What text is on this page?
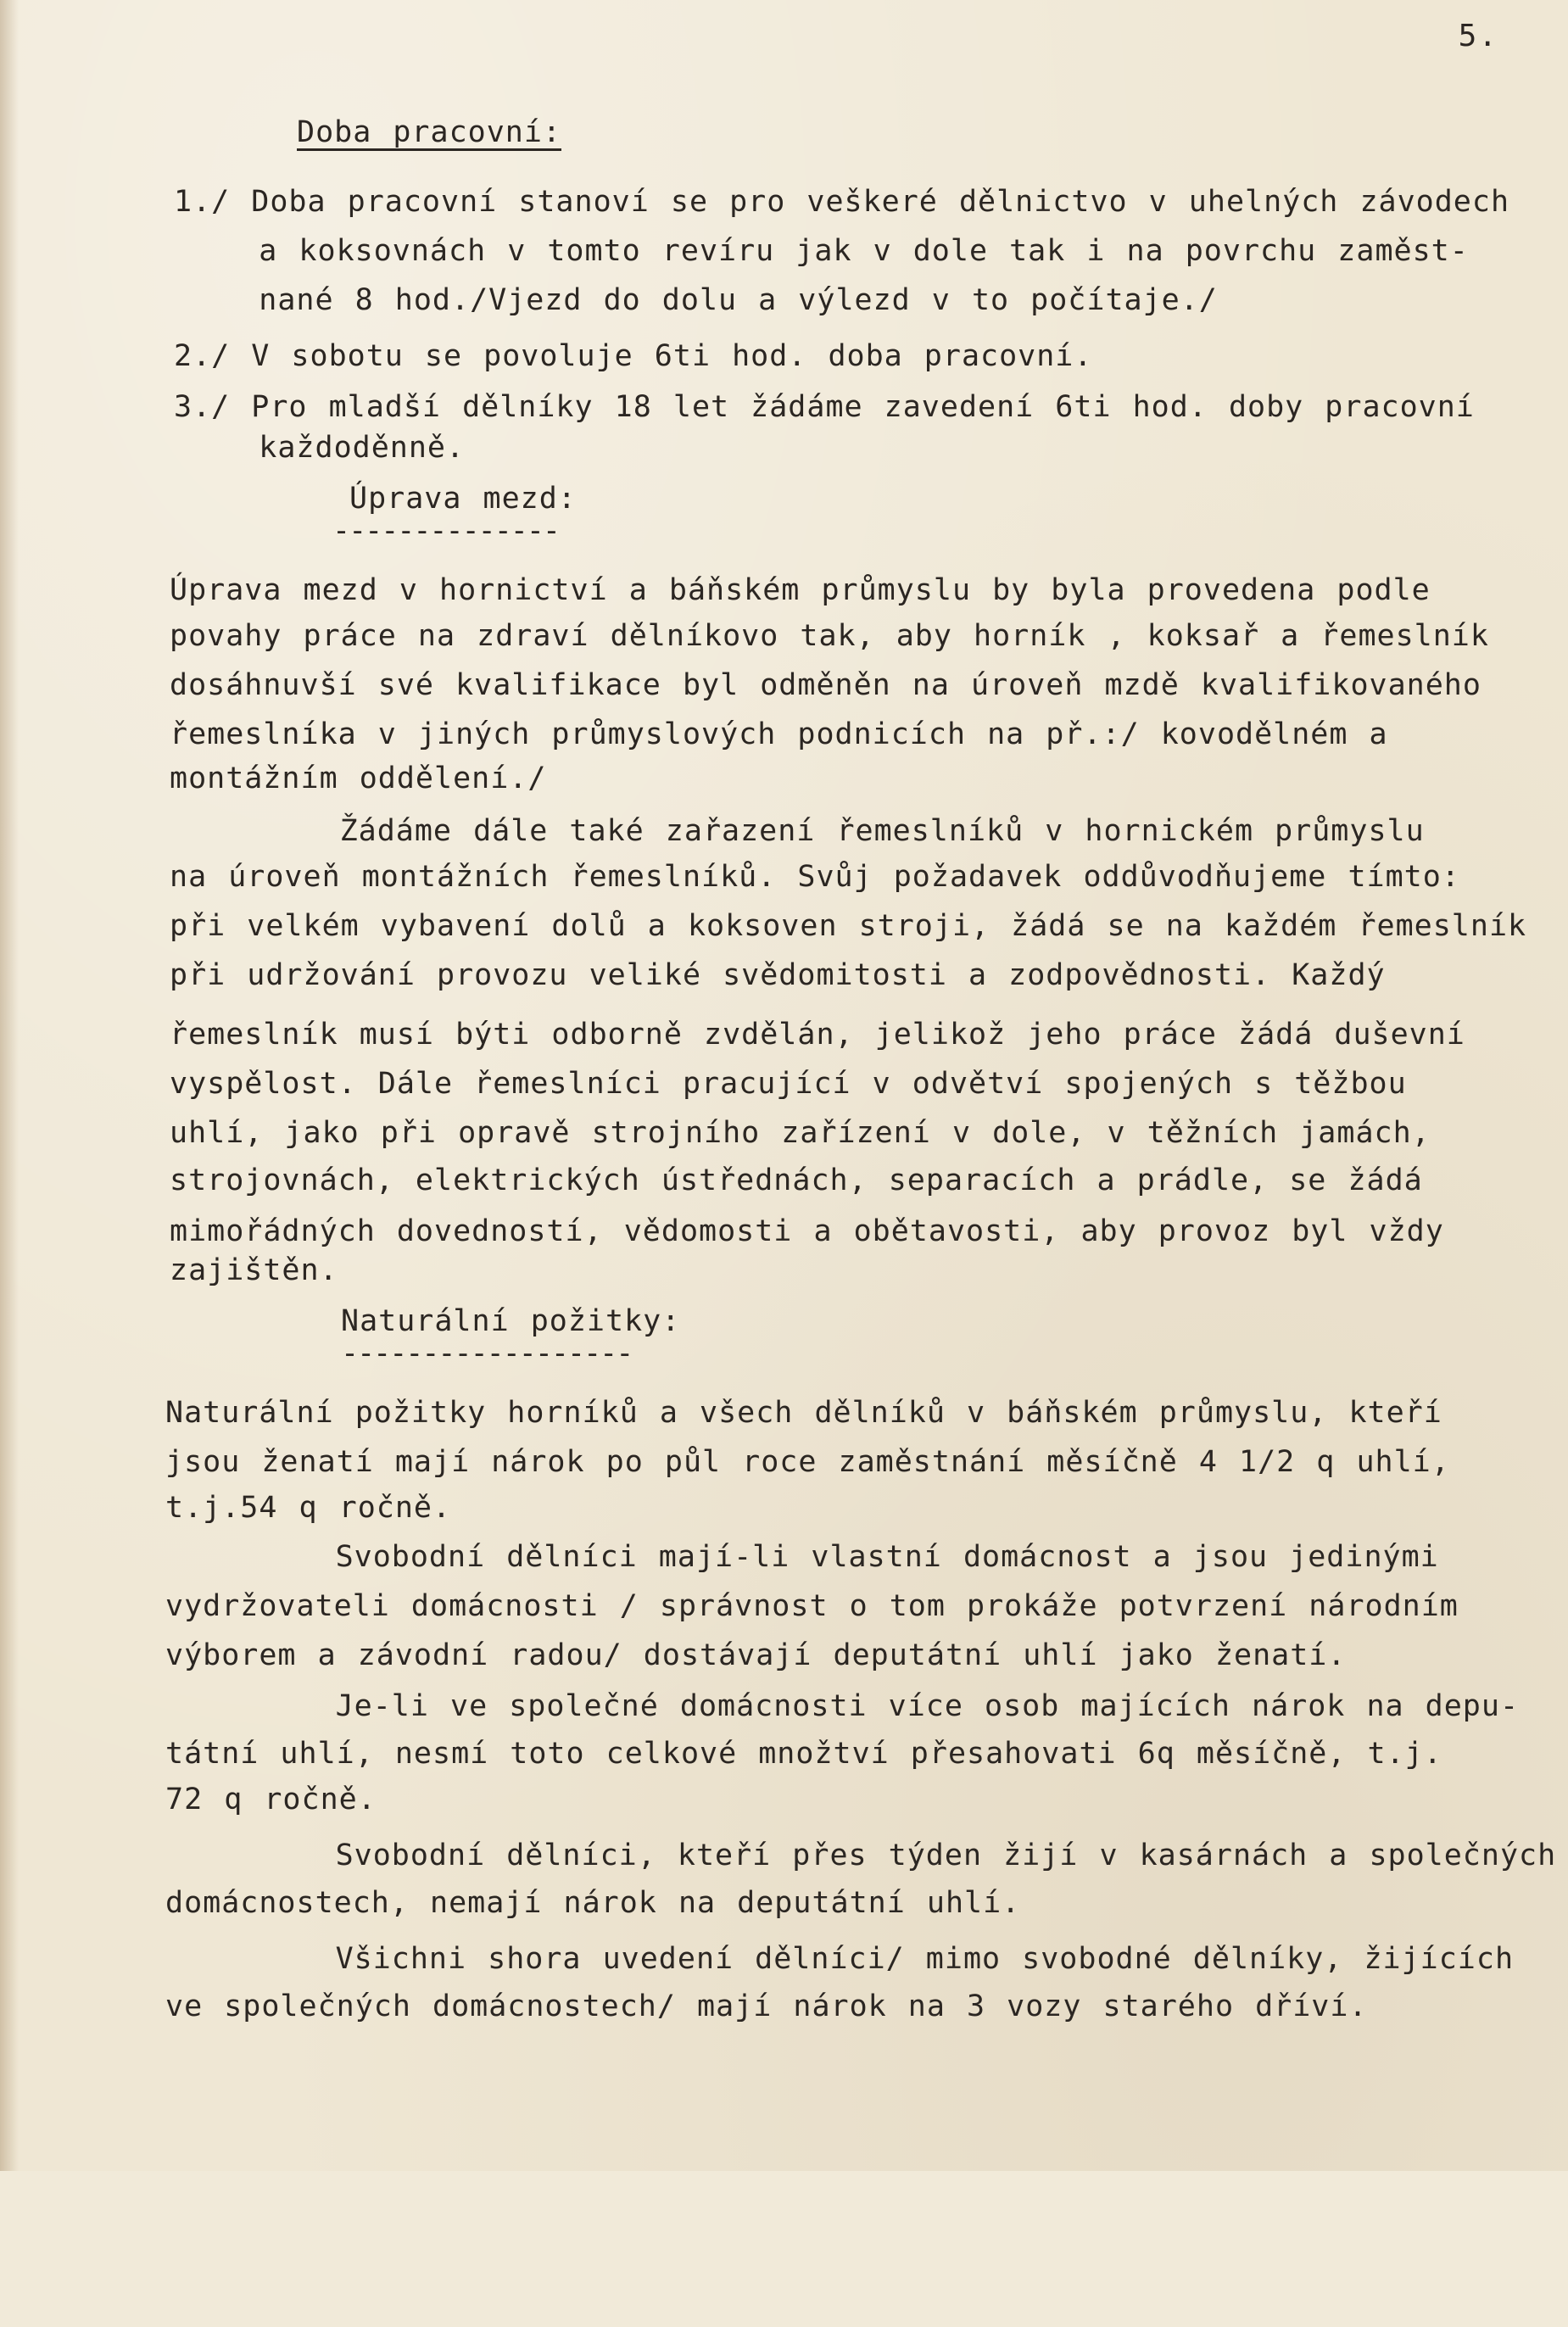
5.

Doba pracovní:

1./ Doba pracovní stanoví se pro veškeré dělnictvo v uhelných závodech

a koksovnách v tomto revíru jak v dole tak i na povrchu zaměst-

nané 8 hod./Vjezd do dolu a výlezd v to počítaje./

2./ V sobotu se povoluje 6ti hod. doba pracovní.

3./ Pro mladší dělníky 18 let žádáme zavedení 6ti hod. doby pracovní

každoděnně.

Úprava mezd:

--------------

Úprava mezd v hornictví a báňském průmyslu by byla provedena podle

povahy práce na zdraví dělníkovo tak, aby horník , koksař a řemeslník

dosáhnuvší své kvalifikace byl odměněn na úroveň mzdě kvalifikovaného

řemeslníka v jiných průmyslových podnicích na př.:/ kovodělném a

montážním oddělení./

Žádáme dále také zařazení řemeslníků v hornickém průmyslu

na úroveň montážních řemeslníků. Svůj požadavek oddůvodňujeme tímto:

při velkém vybavení dolů a koksoven stroji, žádá se na každém řemeslník

při udržování provozu veliké svědomitosti a zodpovědnosti. Každý

řemeslník musí býti odborně zvdělán, jelikož jeho práce žádá duševní

vyspělost. Dále řemeslníci pracující v odvětví spojených s těžbou

uhlí, jako při opravě strojního zařízení v dole, v těžních jamách,

strojovnách, elektrických ústřednách, separacích a prádle, se žádá

mimořádných dovedností, vědomosti a obětavosti, aby provoz byl vždy

zajištěn.

Naturální požitky:

------------------

Naturální požitky horníků a všech dělníků v báňském průmyslu, kteří

jsou ženatí mají nárok po půl roce zaměstnání měsíčně 4 1/2 q uhlí,

t.j.54 q ročně.

Svobodní dělníci mají-li vlastní domácnost a jsou jedinými

vydržovateli domácnosti / správnost o tom prokáže potvrzení národním

výborem a závodní radou/ dostávají deputátní uhlí jako ženatí.

Je-li ve společné domácnosti více osob majících nárok na depu-

tátní uhlí, nesmí toto celkové množtví přesahovati 6q měsíčně, t.j.

72 q ročně.

Svobodní dělníci, kteří přes týden žijí v kasárnách a společných

domácnostech, nemají nárok na deputátní uhlí.

Všichni shora uvedení dělníci/ mimo svobodné dělníky, žijících

ve společných domácnostech/ mají nárok na 3 vozy starého dříví.
